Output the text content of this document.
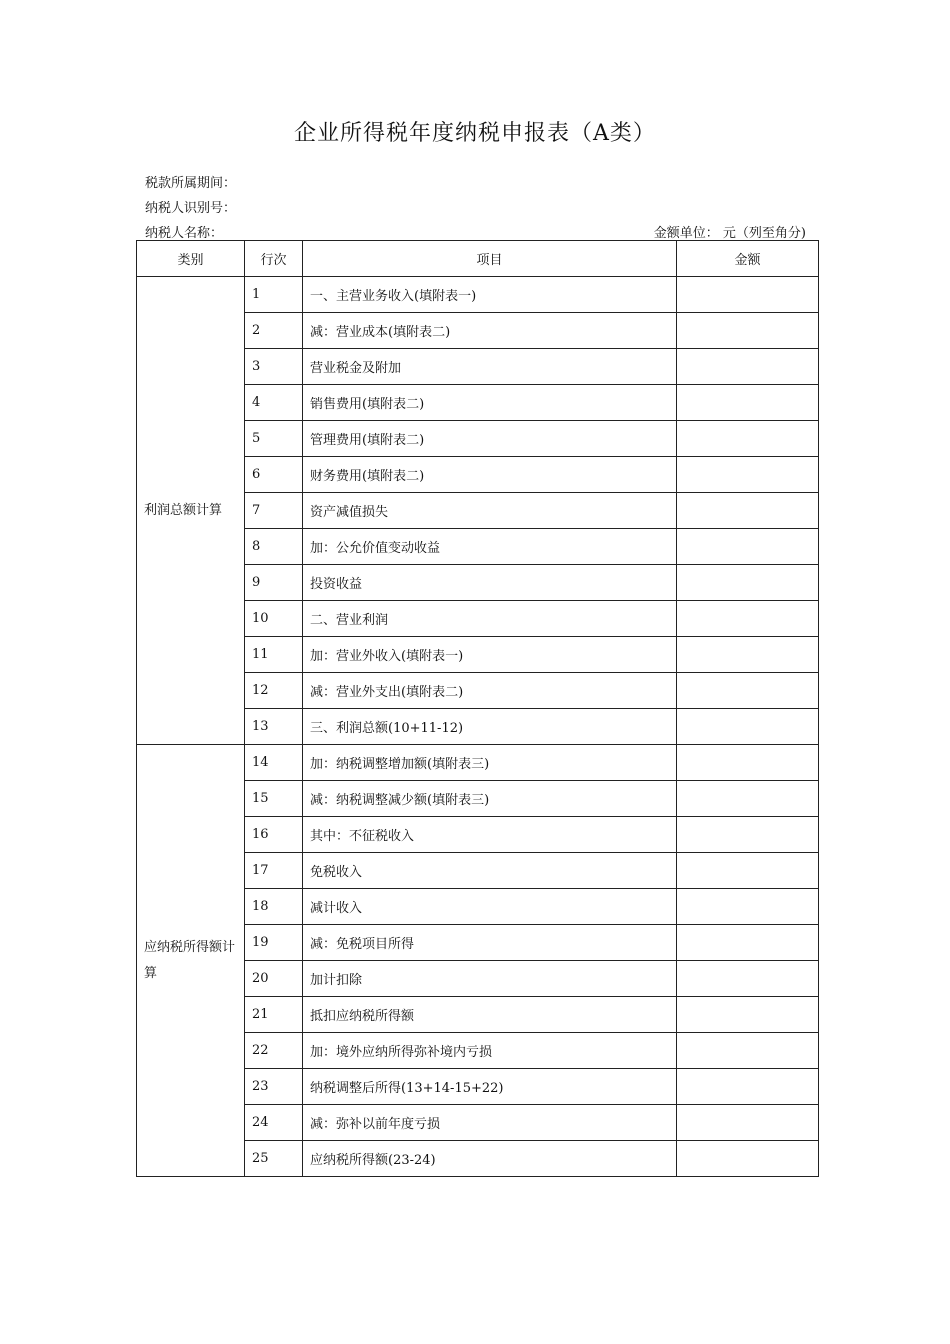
企业所得税年度纳税申报表（A类）
税款所属期间：
纳税人识别号：
纳税人名称：	金额单位： 元（列至角分)
类别	行次	项目	金额
利润总额计算	1	一、主营业务收入(填附表一)	
	2	减：营业成本(填附表二)	
	3	营业税金及附加	
	4	销售费用(填附表二)	
	5	管理费用(填附表二)	
	6	财务费用(填附表二)	
	7	资产减值损失	
	8	加：公允价值变动收益	
	9	投资收益	
	10	二、营业利润	
	11	加：营业外收入(填附表一)	
	12	减：营业外支出(填附表二)	
	13	三、利润总额(10+11-12)	
应纳税所得额计算	14	加：纳税调整增加额(填附表三)	
	15	减：纳税调整减少额(填附表三)	
	16	其中：不征税收入	
	17	免税收入	
	18	减计收入	
	19	减：免税项目所得	
	20	加计扣除	
	21	抵扣应纳税所得额	
	22	加：境外应纳所得弥补境内亏损	
	23	纳税调整后所得(13+14-15+22)	
	24	减：弥补以前年度亏损	
	25	应纳税所得额(23-24)	
